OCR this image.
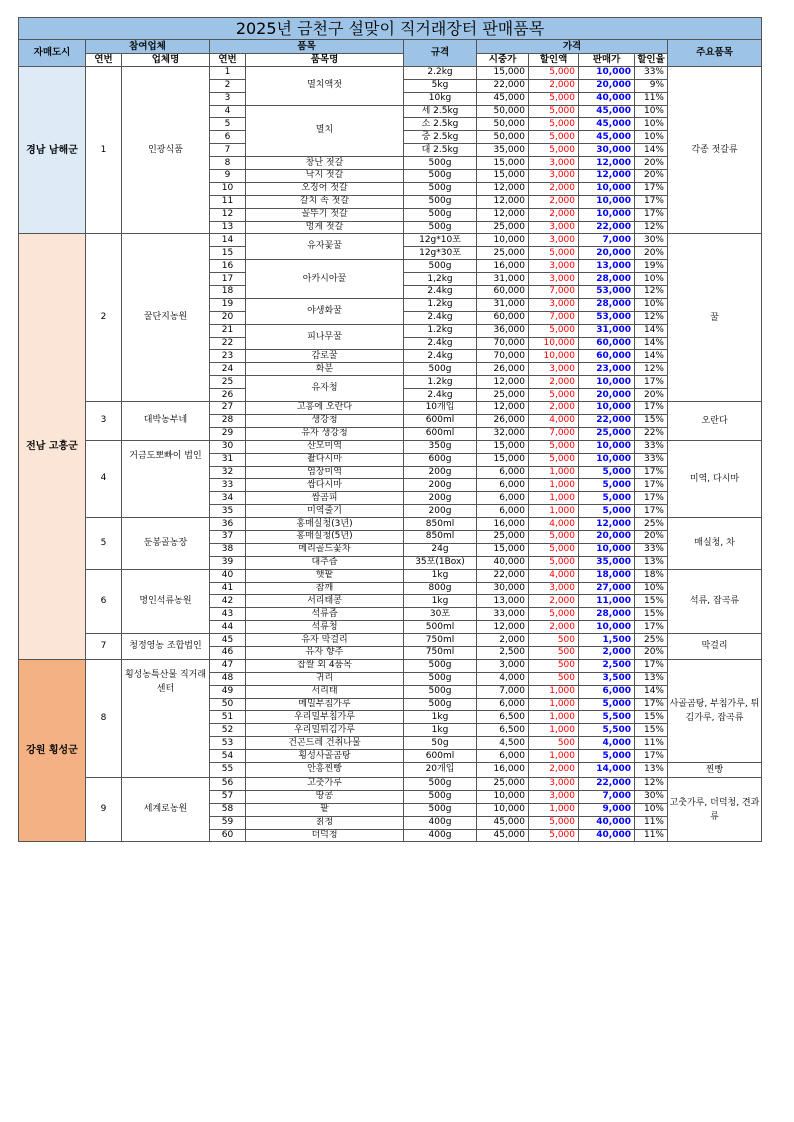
2025년 금천구 설맞이 직거래장터 판매품목										
자매도시	참여업체		품목		규격	가격				주요품목
	연번	업체명	연번	품목명		시중가	할인액	판매가	할인율	
경남 남해군	1	인광식품	1	멸치액젓	2.2kg	15,000	5,000	10,000	33%	각종 젓갈류
			2		5kg	22,000	2,000	20,000	9%	
			3		10kg	45,000	5,000	40,000	11%	
			4	멸치	세 2.5kg	50,000	5,000	45,000	10%	
			5		소 2.5kg	50,000	5,000	45,000	10%	
			6		중 2.5kg	50,000	5,000	45,000	10%	
			7		대 2.5kg	35,000	5,000	30,000	14%	
			8	창난 젓갈	500g	15,000	3,000	12,000	20%	
			9	낙지 젓갈	500g	15,000	3,000	12,000	20%	
			10	오징어 젓갈	500g	12,000	2,000	10,000	17%	
			11	갈치 속 젓갈	500g	12,000	2,000	10,000	17%	
			12	꼴뚜기 젓갈	500g	12,000	2,000	10,000	17%	
			13	멍게 젓갈	500g	25,000	3,000	22,000	12%	
전남 고흥군	2	꿀단지농원	14	유자꽃꿀	12g*10포	10,000	3,000	7,000	30%	꿀
			15		12g*30포	25,000	5,000	20,000	20%	
			16	아카시아꿀	500g	16,000	3,000	13,000	19%	
			17		1,2kg	31,000	3,000	28,000	10%	
			18		2.4kg	60,000	7,000	53,000	12%	
			19	야생화꿀	1.2kg	31,000	3,000	28,000	10%	
			20		2.4kg	60,000	7,000	53,000	12%	
			21	피나무꿀	1.2kg	36,000	5,000	31,000	14%	
			22		2.4kg	70,000	10,000	60,000	14%	
			23	감로꿀	2.4kg	70,000	10,000	60,000	14%	
			24	화분	500g	26,000	3,000	23,000	12%	
			25	유자청	1.2kg	12,000	2,000	10,000	17%	
			26		2.4kg	25,000	5,000	20,000	20%	
	3	대박농부네	27	고흥에 오란다	10개입	12,000	2,000	10,000	17%	오란다
			28	생강청	600ml	26,000	4,000	22,000	15%	
			29	유자 생강청	600ml	32,000	7,000	25,000	22%	
	4	거금도뽀빠이 법인	30	산모미역	350g	15,000	5,000	10,000	33%	미역, 다시마
			31	촬다시마	600g	15,000	5,000	10,000	33%	
			32	염장미역	200g	6,000	1,000	5,000	17%	
			33	쌈다시마	200g	6,000	1,000	5,000	17%	
			34	쌈곰피	200g	6,000	1,000	5,000	17%	
			35	미역줄기	200g	6,000	1,000	5,000	17%	
	5	둔봉골농장	36	홍매실청(3년)	850ml	16,000	4,000	12,000	25%	매실청, 차
			37	홍매실청(5년)	850ml	25,000	5,000	20,000	20%	
			38	메리골드꽃차	24g	15,000	5,000	10,000	33%	
			39	대추즙	35포(1Box)	40,000	5,000	35,000	13%	
	6	명인석류농원	40	햇팥	1kg	22,000	4,000	18,000	18%	석류, 잡곡류
			41	참깨	800g	30,000	3,000	27,000	10%	
			42	서리태콩	1kg	13,000	2,000	11,000	15%	
			43	석류즙	30포	33,000	5,000	28,000	15%	
			44	석류청	500ml	12,000	2,000	10,000	17%	
	7	청정영농 조합법인	45	유자 막걸리	750ml	2,000	500	1,500	25%	막걸리
			46	유자 향주	750ml	2,500	500	2,000	20%	
강원 횡성군	8	횡성농특산물 직거래센터	47	찹쌀 외 4품목	500g	3,000	500	2,500	17%	사골곰탕, 부침가루, 튀김가루, 잡곡류
			48	귀리	500g	4,000	500	3,500	13%	
			49	서리태	500g	7,000	1,000	6,000	14%	
			50	메밀부침가루	500g	6,000	1,000	5,000	17%	
			51	우리밀부침가루	1kg	6,500	1,000	5,500	15%	
			52	우리밀튀김가루	1kg	6,500	1,000	5,500	15%	
			53	건곤드레 건취나물	50g	4,500	500	4,000	11%	
			54	횡성사골곰탕	600ml	6,000	1,000	5,000	17%	
			55	안흥찐빵	20개입	16,000	2,000	14,000	13%	찐빵
	9	세계로농원	56	고춧가루	500g	25,000	3,000	22,000	12%	고춧가루, 더덕청, 견과류
			57	땅콩	500g	10,000	3,000	7,000	30%	
			58	팥	500g	10,000	1,000	9,000	10%	
			59	칡청	400g	45,000	5,000	40,000	11%	
			60	더덕청	400g	45,000	5,000	40,000	11%	
